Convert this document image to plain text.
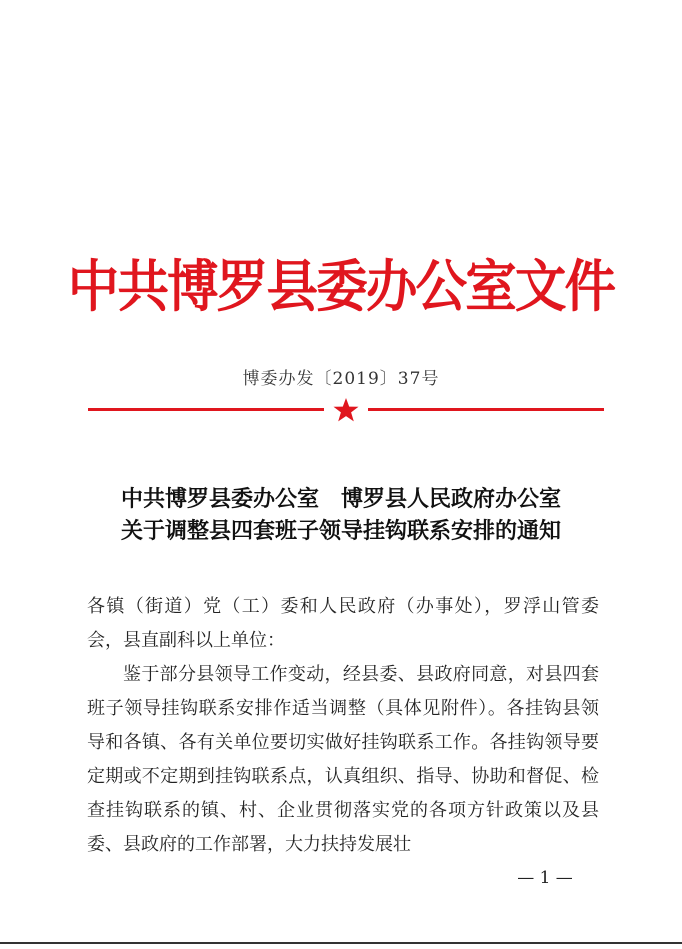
中共博罗县委办公室文件
博委办发〔2019〕37号
中共博罗县委办公室　博罗县人民政府办公室
关于调整县四套班子领导挂钩联系安排的通知

各镇（街道）党（工）委和人民政府（办事处），罗浮山管委会，县直副科以上单位：

鉴于部分县领导工作变动，经县委、县政府同意，对县四套班子领导挂钩联系安排作适当调整（具体见附件）。各挂钩县领导和各镇、各有关单位要切实做好挂钩联系工作。各挂钩领导要定期或不定期到挂钩联系点，认真组织、指导、协助和督促、检查挂钩联系的镇、村、企业贯彻落实党的各项方针政策以及县委、县政府的工作部署，大力扶持发展壮

— 1 —
